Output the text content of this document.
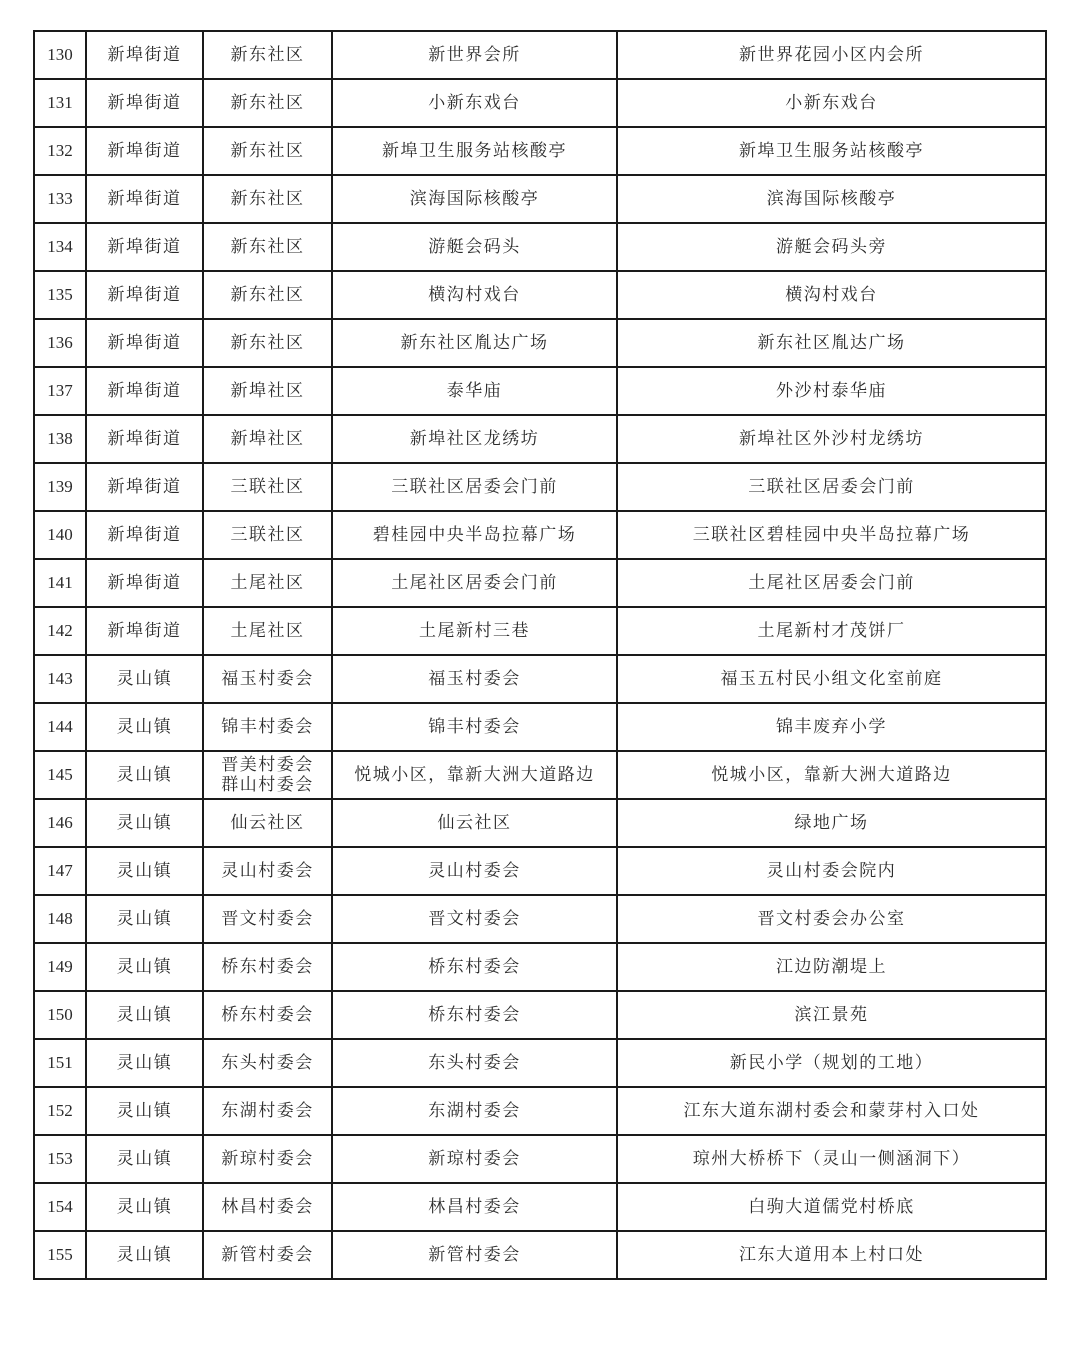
130	新埠街道	新东社区	新世界会所	新世界花园小区内会所
131	新埠街道	新东社区	小新东戏台	小新东戏台
132	新埠街道	新东社区	新埠卫生服务站核酸亭	新埠卫生服务站核酸亭
133	新埠街道	新东社区	滨海国际核酸亭	滨海国际核酸亭
134	新埠街道	新东社区	游艇会码头	游艇会码头旁
135	新埠街道	新东社区	横沟村戏台	横沟村戏台
136	新埠街道	新东社区	新东社区胤达广场	新东社区胤达广场
137	新埠街道	新埠社区	泰华庙	外沙村泰华庙
138	新埠街道	新埠社区	新埠社区龙绣坊	新埠社区外沙村龙绣坊
139	新埠街道	三联社区	三联社区居委会门前	三联社区居委会门前
140	新埠街道	三联社区	碧桂园中央半岛拉幕广场	三联社区碧桂园中央半岛拉幕广场
141	新埠街道	土尾社区	土尾社区居委会门前	土尾社区居委会门前
142	新埠街道	土尾社区	土尾新村三巷	土尾新村才茂饼厂
143	灵山镇	福玉村委会	福玉村委会	福玉五村民小组文化室前庭
144	灵山镇	锦丰村委会	锦丰村委会	锦丰废弃小学
145	灵山镇	晋美村委会
群山村委会	悦城小区，靠新大洲大道路边	悦城小区，靠新大洲大道路边
146	灵山镇	仙云社区	仙云社区	绿地广场
147	灵山镇	灵山村委会	灵山村委会	灵山村委会院内
148	灵山镇	晋文村委会	晋文村委会	晋文村委会办公室
149	灵山镇	桥东村委会	桥东村委会	江边防潮堤上
150	灵山镇	桥东村委会	桥东村委会	滨江景苑
151	灵山镇	东头村委会	东头村委会	新民小学（规划的工地）
152	灵山镇	东湖村委会	东湖村委会	江东大道东湖村委会和蒙芽村入口处
153	灵山镇	新琼村委会	新琼村委会	琼州大桥桥下（灵山一侧涵洞下）
154	灵山镇	林昌村委会	林昌村委会	白驹大道儒党村桥底
155	灵山镇	新管村委会	新管村委会	江东大道用本上村口处
